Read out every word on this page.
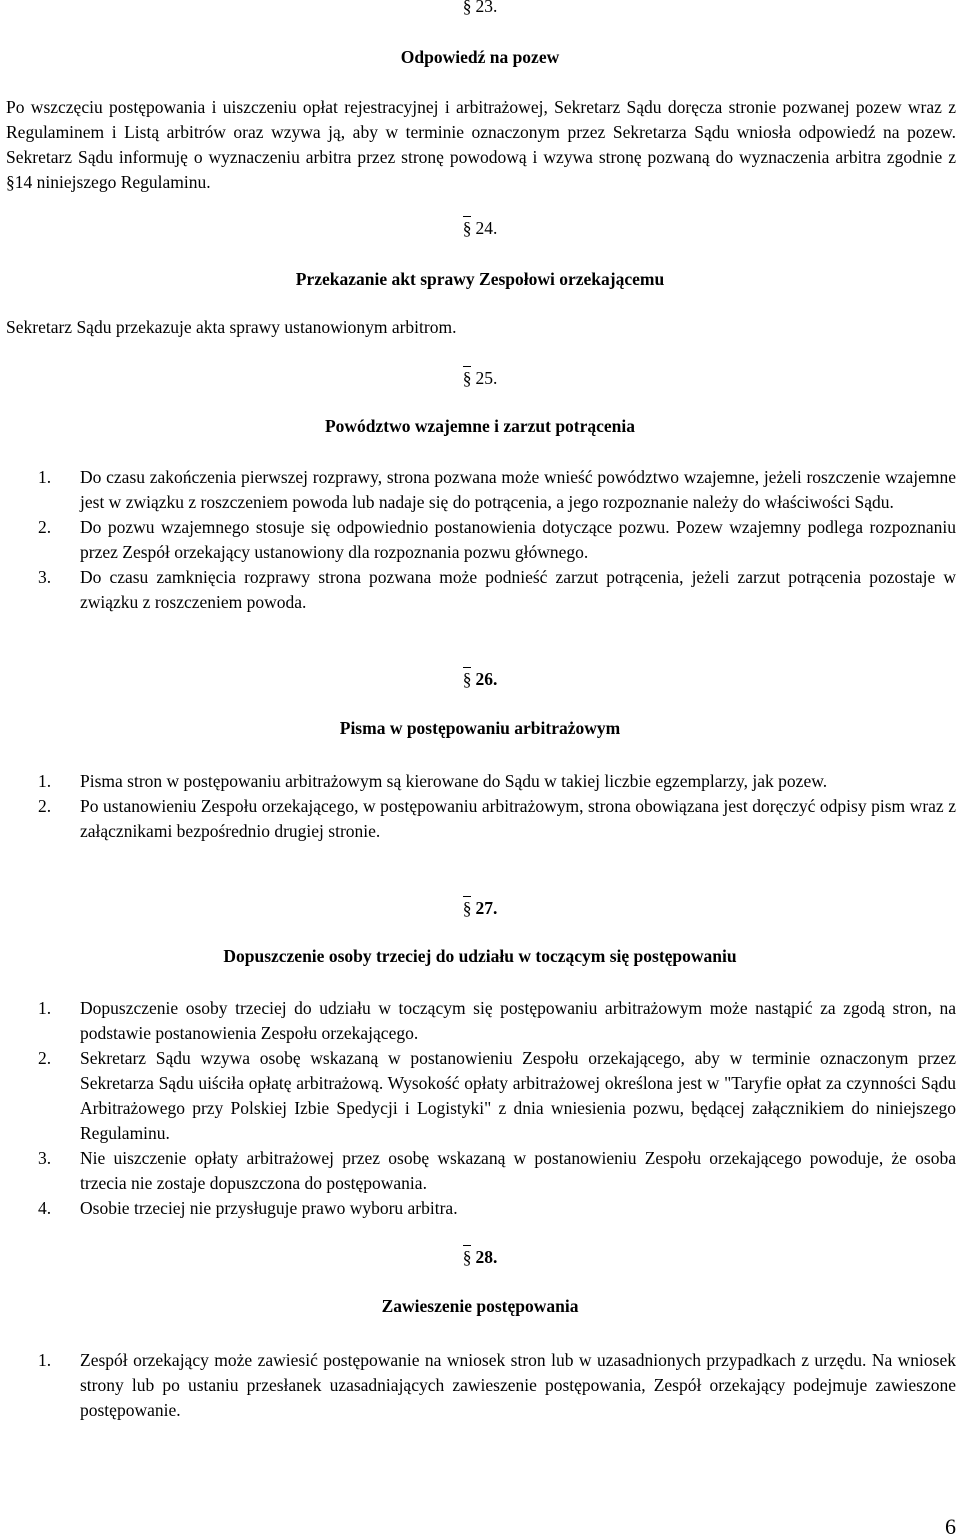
§ 23.
Odpowiedź na pozew

Po wszczęciu postępowania i uiszczeniu opłat rejestracyjnej i arbitrażowej, Sekretarz Sądu doręcza stronie pozwanej pozew wraz z Regulaminem i Listą arbitrów oraz wzywa ją, aby w terminie oznaczonym przez Sekretarza Sądu wniosła odpowiedź na pozew. Sekretarz Sądu informuję o wyznaczeniu arbitra przez stronę powodową i wzywa stronę pozwaną do wyznaczenia arbitra zgodnie z §14 niniejszego Regulaminu.

§ 24.
Przekazanie akt sprawy Zespołowi orzekającemu

Sekretarz Sądu przekazuje akta sprawy ustanowionym arbitrom.

§ 25.
Powództwo wzajemne i zarzut potrącenia
1. Do czasu zakończenia pierwszej rozprawy, strona pozwana może wnieść powództwo wzajemne, jeżeli roszczenie wzajemne jest w związku z roszczeniem powoda lub nadaje się do potrącenia, a jego rozpoznanie należy do właściwości Sądu.
2. Do pozwu wzajemnego stosuje się odpowiednio postanowienia dotyczące pozwu. Pozew wzajemny podlega rozpoznaniu przez Zespół orzekający ustanowiony dla rozpoznania pozwu głównego.
3. Do czasu zamknięcia rozprawy strona pozwana może podnieść zarzut potrącenia, jeżeli zarzut potrącenia pozostaje w związku z roszczeniem powoda.
§ 26.
Pisma w postępowaniu arbitrażowym
1. Pisma stron w postępowaniu arbitrażowym są kierowane do Sądu w takiej liczbie egzemplarzy, jak pozew.
2. Po ustanowieniu Zespołu orzekającego, w postępowaniu arbitrażowym, strona obowiązana jest doręczyć odpisy pism wraz z załącznikami bezpośrednio drugiej stronie.
§ 27.
Dopuszczenie osoby trzeciej do udziału w toczącym się postępowaniu
1. Dopuszczenie osoby trzeciej do udziału w toczącym się postępowaniu arbitrażowym może nastąpić za zgodą stron, na podstawie postanowienia Zespołu orzekającego.
2. Sekretarz Sądu wzywa osobę wskazaną w postanowieniu Zespołu orzekającego, aby w terminie oznaczonym przez Sekretarza Sądu uiściła opłatę arbitrażową. Wysokość opłaty arbitrażowej określona jest w "Taryfie opłat za czynności Sądu Arbitrażowego przy Polskiej Izbie Spedycji i Logistyki" z dnia wniesienia pozwu, będącej załącznikiem do niniejszego Regulaminu.
3. Nie uiszczenie opłaty arbitrażowej przez osobę wskazaną w postanowieniu Zespołu orzekającego powoduje, że osoba trzecia nie zostaje dopuszczona do postępowania.
4. Osobie trzeciej nie przysługuje prawo wyboru arbitra.
§ 28.
Zawieszenie postępowania
1. Zespół orzekający może zawiesić postępowanie na wniosek stron lub w uzasadnionych przypadkach z urzędu. Na wniosek strony lub po ustaniu przesłanek uzasadniających zawieszenie postępowania, Zespół orzekający podejmuje zawieszone postępowanie.
6
